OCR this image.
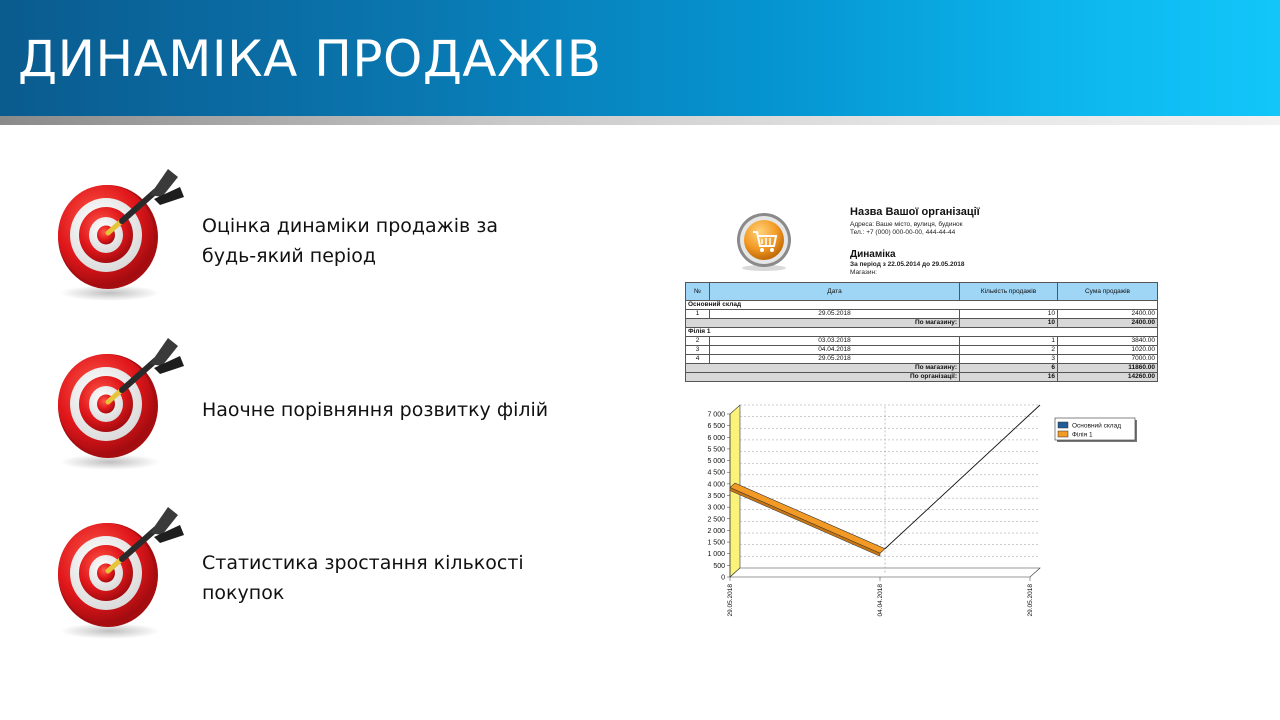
ДИНАМІКА ПРОДАЖІВ
Оцінка динаміки продажів за
будь-який період
Наочне порівняння розвитку філій
Статистика зростання кількості
покупок
Назва Вашої організації
Адреса: Ваше місто, вулиця, будинок
Тел.: +7 (000) 000-00-00, 444-44-44
Динаміка
За період з 22.05.2014 до 29.05.2018
Магазин:
№	Дата	Кількість продажів	Сума продажів
Основний склад			
1	29.05.2018	10	2400.00
По магазину:		10	2400.00
Філія 1			
2	03.03.2018	1	3840.00
3	04.04.2018	2	1020.00
4	29.05.2018	3	7000.00
По магазину:		6	11860.00
По організації:		16	14260.00
0
500
1 000
1 500
2 000
2 500
3 000
3 500
4 000
4 500
5 000
5 500
6 000
6 500
7 000
29.05.2018	04.04.2018	29.05.2018
Основний склад
Філія 1
